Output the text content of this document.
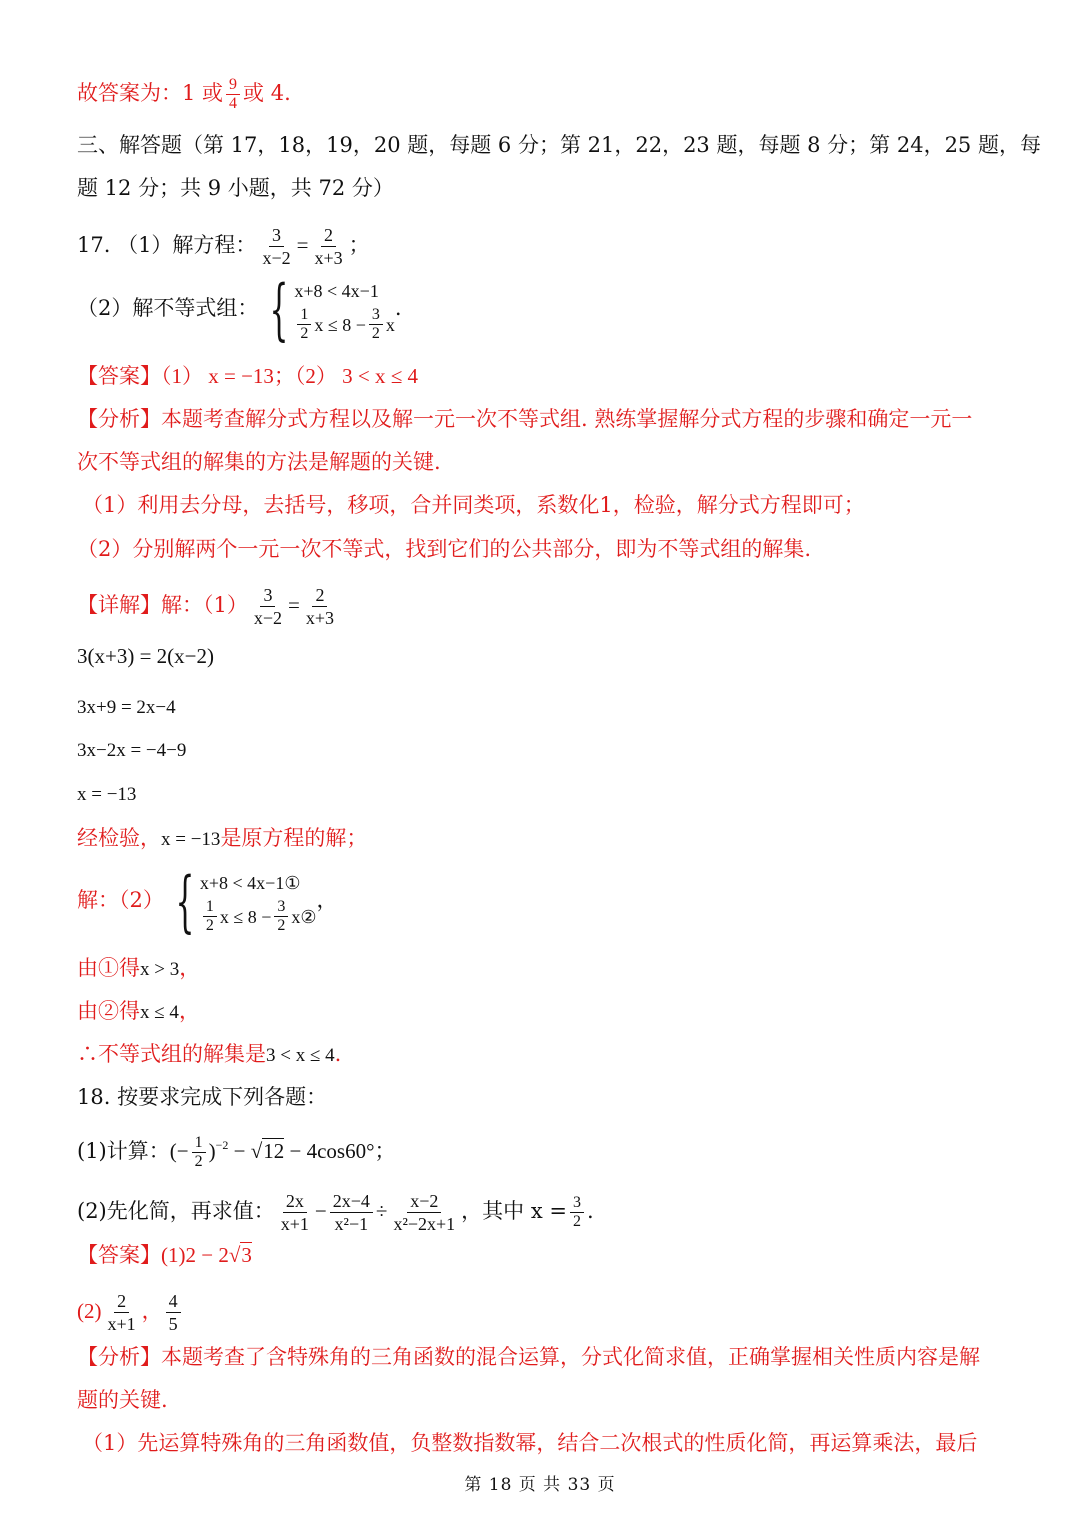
故答案为：1 或 $\frac{9}{4}$ 或 4.
三、解答题（第 17，18，19，20 题，每题 6 分；第 21，22，23 题，每题 8 分；第 24，25 题，每
题 12 分；共 9 小题，共 72 分）
17. （1）解方程： $\frac{3}{x-2} = \frac{2}{x+3}$ ；
（2）解不等式组： { x+8 < 4x−1
$\frac{1}{2}$ $x \le 8 - \frac{3}{2}$ x
.
【答案】（1） x = −13；（2） 3 < x ≤ 4
【分析】本题考查解分式方程以及解一元一次不等式组. 熟练掌握解分式方程的步骤和确定一元一
次不等式组的解集的方法是解题的关键.
（1）利用去分母，去括号，移项，合并同类项，系数化1，检验，解分式方程即可；
（2）分别解两个一元一次不等式，找到它们的公共部分，即为不等式组的解集.
【详解】解：$(1) \frac{3}{x-2} = \frac{2}{x+3}$
3(x+3) = 2(x−2)
3x+9 = 2x−4
3x−2x = −4−9
x = −13
经检验，x = −13是原方程的解；
解：（2） { x+8 < 4x−1①
$\frac{1}{2}$ $x \le 8 - \frac{3}{2}$ x②
，
由①得x > 3，
由②得x ≤ 4，
∴不等式组的解集是3 < x ≤ 4.
18. 按要求完成下列各题：
(1)计算：(− $\frac{1}{2} )^{-2} - √12 - 4\cos 60^\circ$；
(2)先化简，再求值： $\frac{2x}{x+1} - \frac{2x-4}{\text{x²−1}} \div \frac{x-2}{\text{x²−2x+1}}$ ，其中 $x = \frac{3}{2}$ .
【答案】(1)2 − 2√3
$(2) \frac{2}{x+1}$ ， $\frac{4}{5}$
【分析】本题考查了含特殊角的三角函数的混合运算，分式化简求值，正确掌握相关性质内容是解
题的关键.
（1）先运算特殊角的三角函数值，负整数指数幂，结合二次根式的性质化简，再运算乘法，最后
第 18 页 共 33 页
